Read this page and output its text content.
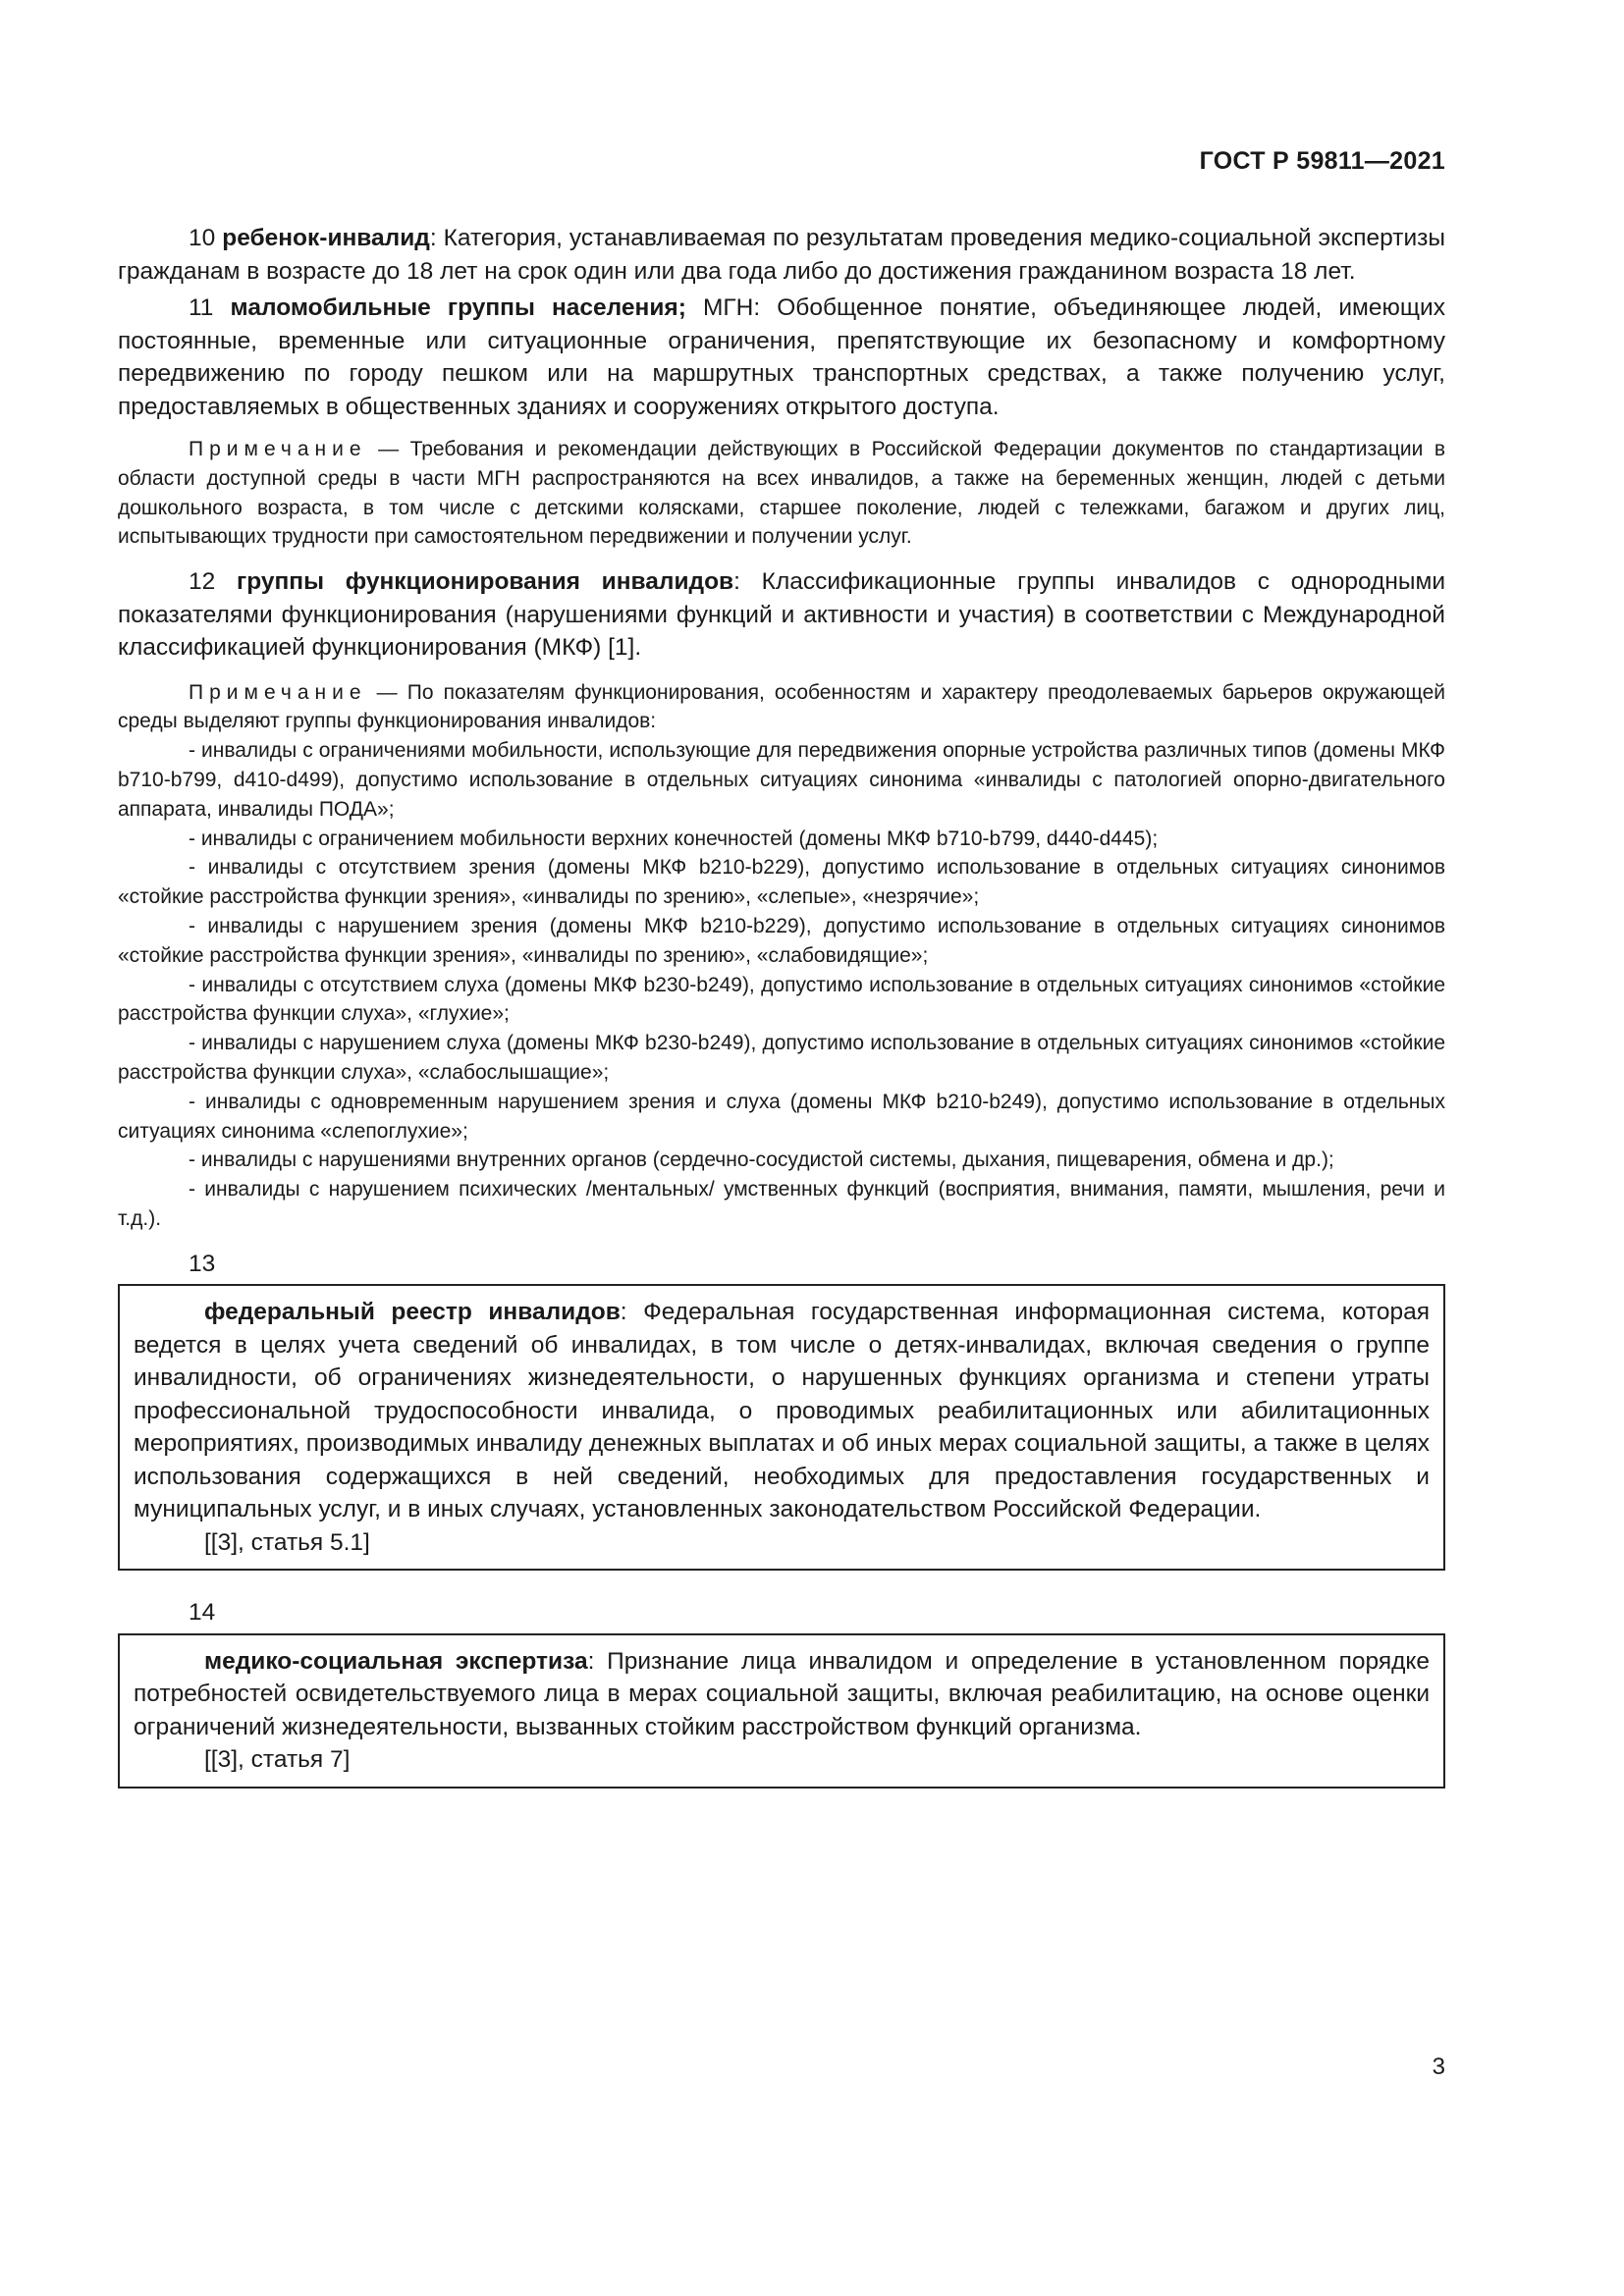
ГОСТ Р 59811—2021

10 ребенок-инвалид: Категория, устанавливаемая по результатам проведения медико-социальной экспертизы гражданам в возрасте до 18 лет на срок один или два года либо до достижения гражданином возраста 18 лет.

11 маломобильные группы населения; МГН: Обобщенное понятие, объединяющее людей, имеющих постоянные, временные или ситуационные ограничения, препятствующие их безопасному и комфортному передвижению по городу пешком или на маршрутных транспортных средствах, а также получению услуг, предоставляемых в общественных зданиях и сооружениях открытого доступа.

Примечание — Требования и рекомендации действующих в Российской Федерации документов по стандартизации в области доступной среды в части МГН распространяются на всех инвалидов, а также на беременных женщин, людей с детьми дошкольного возраста, в том числе с детскими колясками, старшее поколение, людей с тележками, багажом и других лиц, испытывающих трудности при самостоятельном передвижении и получении услуг.

12 группы функционирования инвалидов: Классификационные группы инвалидов с однородными показателями функционирования (нарушениями функций и активности и участия) в соответствии с Международной классификацией функционирования (МКФ) [1].

Примечание — По показателям функционирования, особенностям и характеру преодолеваемых барьеров окружающей среды выделяют группы функционирования инвалидов:

- инвалиды с ограничениями мобильности, использующие для передвижения опорные устройства различных типов (домены МКФ b710-b799, d410-d499), допустимо использование в отдельных ситуациях синонима «инвалиды с патологией опорно-двигательного аппарата, инвалиды ПОДА»;

- инвалиды с ограничением мобильности верхних конечностей (домены МКФ b710-b799, d440-d445);

- инвалиды с отсутствием зрения (домены МКФ b210-b229), допустимо использование в отдельных ситуациях синонимов «стойкие расстройства функции зрения», «инвалиды по зрению», «слепые», «незрячие»;

- инвалиды с нарушением зрения (домены МКФ b210-b229), допустимо использование в отдельных ситуациях синонимов «стойкие расстройства функции зрения», «инвалиды по зрению», «слабовидящие»;

- инвалиды с отсутствием слуха (домены МКФ b230-b249), допустимо использование в отдельных ситуациях синонимов «стойкие расстройства функции слуха», «глухие»;

- инвалиды с нарушением слуха (домены МКФ b230-b249), допустимо использование в отдельных ситуациях синонимов «стойкие расстройства функции слуха», «слабослышащие»;

- инвалиды с одновременным нарушением зрения и слуха (домены МКФ b210-b249), допустимо использование в отдельных ситуациях синонима «слепоглухие»;

- инвалиды с нарушениями внутренних органов (сердечно-сосудистой системы, дыхания, пищеварения, обмена и др.);

- инвалиды с нарушением психических /ментальных/ умственных функций (восприятия, внимания, памяти, мышления, речи и т.д.).

13

федеральный реестр инвалидов: Федеральная государственная информационная система, которая ведется в целях учета сведений об инвалидах, в том числе о детях-инвалидах, включая сведения о группе инвалидности, об ограничениях жизнедеятельности, о нарушенных функциях организма и степени утраты профессиональной трудоспособности инвалида, о проводимых реабилитационных или абилитационных мероприятиях, производимых инвалиду денежных выплатах и об иных мерах социальной защиты, а также в целях использования содержащихся в ней сведений, необходимых для предоставления государственных и муниципальных услуг, и в иных случаях, установленных законодательством Российской Федерации.

[[3], статья 5.1]

14

медико-социальная экспертиза: Признание лица инвалидом и определение в установленном порядке потребностей освидетельствуемого лица в мерах социальной защиты, включая реабилитацию, на основе оценки ограничений жизнедеятельности, вызванных стойким расстройством функций организма.

[[3], статья 7]

3
